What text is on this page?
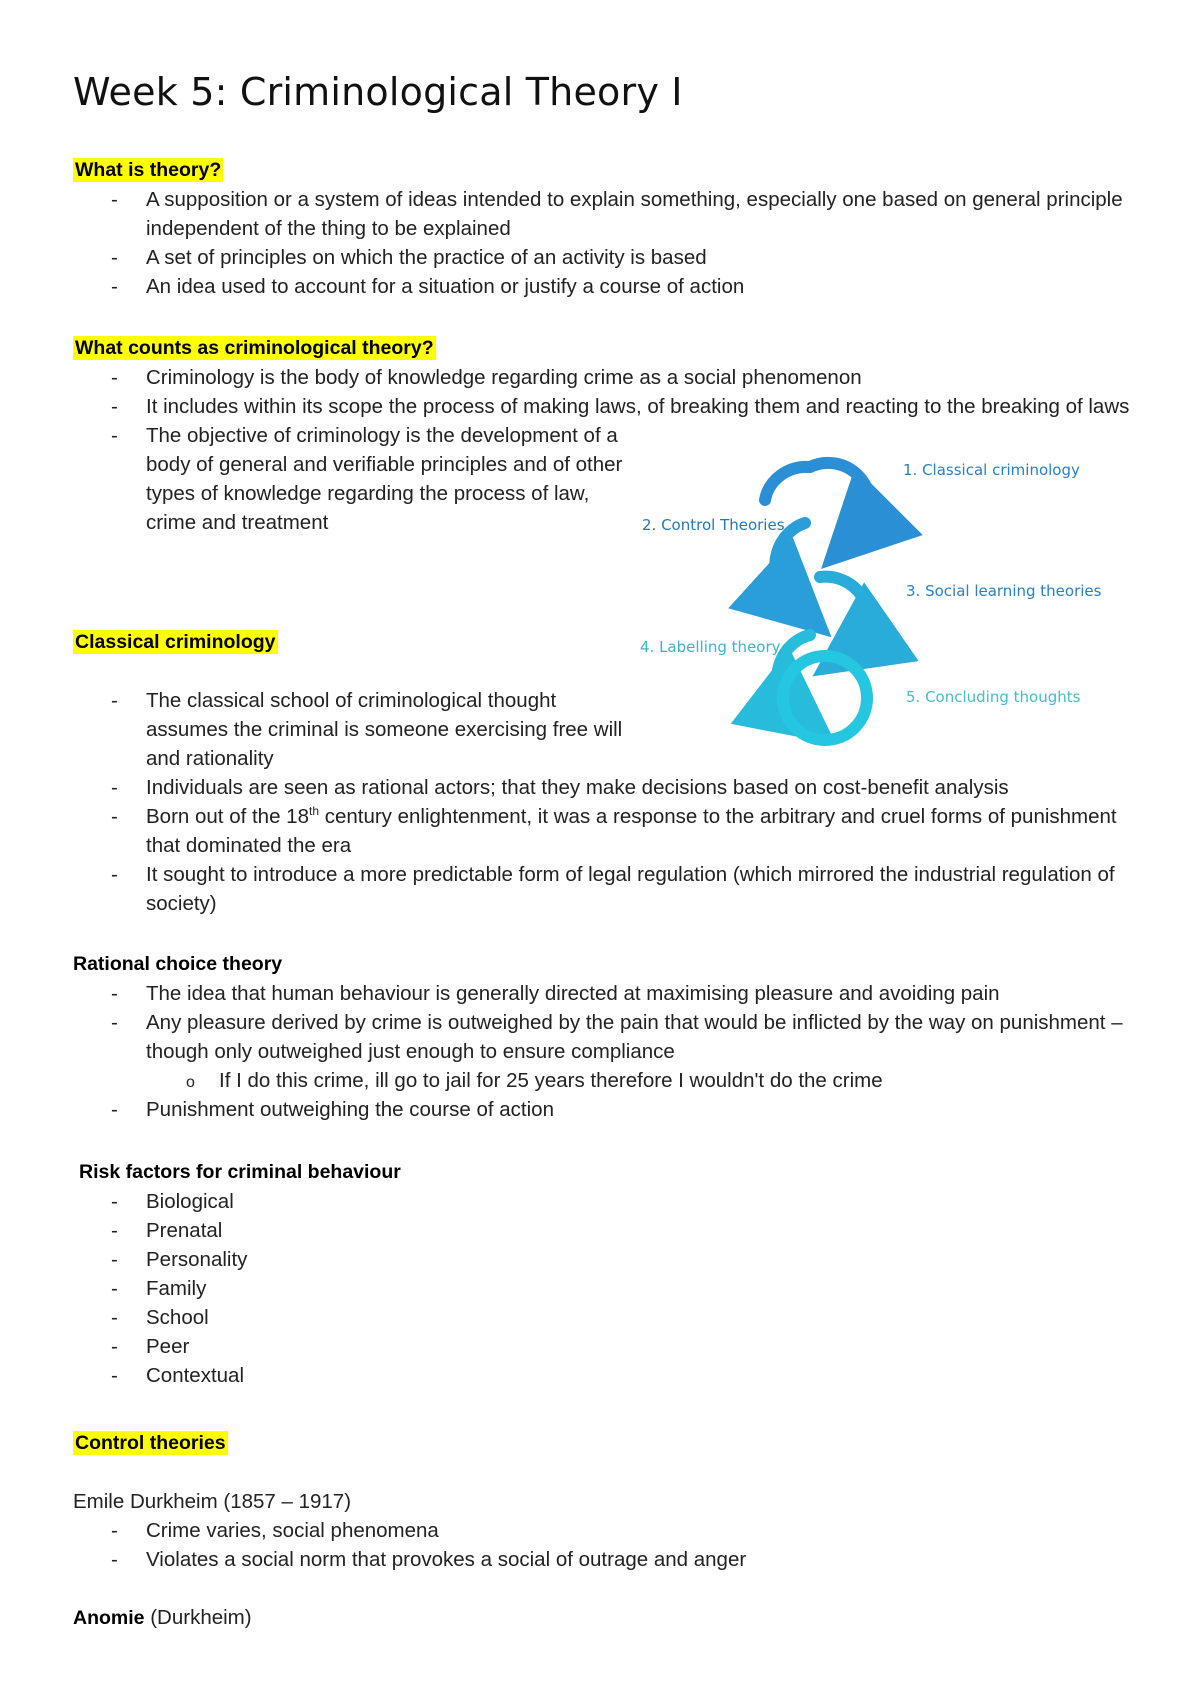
Week 5: Criminological Theory I
What is theory?
- A supposition or a system of ideas intended to explain something, especially one based on general principle independent of the thing to be explained
- A set of principles on which the practice of an activity is based
- An idea used to account for a situation or justify a course of action
What counts as criminological theory?
- Criminology is the body of knowledge regarding crime as a social phenomenon
- It includes within its scope the process of making laws, of breaking them and reacting to the breaking of laws
- The objective of criminology is the development of a body of general and verifiable principles and of other types of knowledge regarding the process of law, crime and treatment
1. Classical criminology
2. Control Theories
3. Social learning theories
4. Labelling theory
5. Concluding thoughts
Classical criminology
- The classical school of criminological thought assumes the criminal is someone exercising free will and rationality
- Individuals are seen as rational actors; that they make decisions based on cost-benefit analysis
- Born out of the 18th century enlightenment, it was a response to the arbitrary and cruel forms of punishment that dominated the era
- It sought to introduce a more predictable form of legal regulation (which mirrored the industrial regulation of society)
Rational choice theory
- The idea that human behaviour is generally directed at maximising pleasure and avoiding pain
- Any pleasure derived by crime is outweighed by the pain that would be inflicted by the way on punishment – though only outweighed just enough to ensure compliance
o If I do this crime, ill go to jail for 25 years therefore I wouldn't do the crime
- Punishment outweighing the course of action
Risk factors for criminal behaviour
- Biological
- Prenatal
- Personality
- Family
- School
- Peer
- Contextual
Control theories
Emile Durkheim (1857 – 1917)
- Crime varies, social phenomena
- Violates a social norm that provokes a social of outrage and anger
Anomie (Durkheim)
